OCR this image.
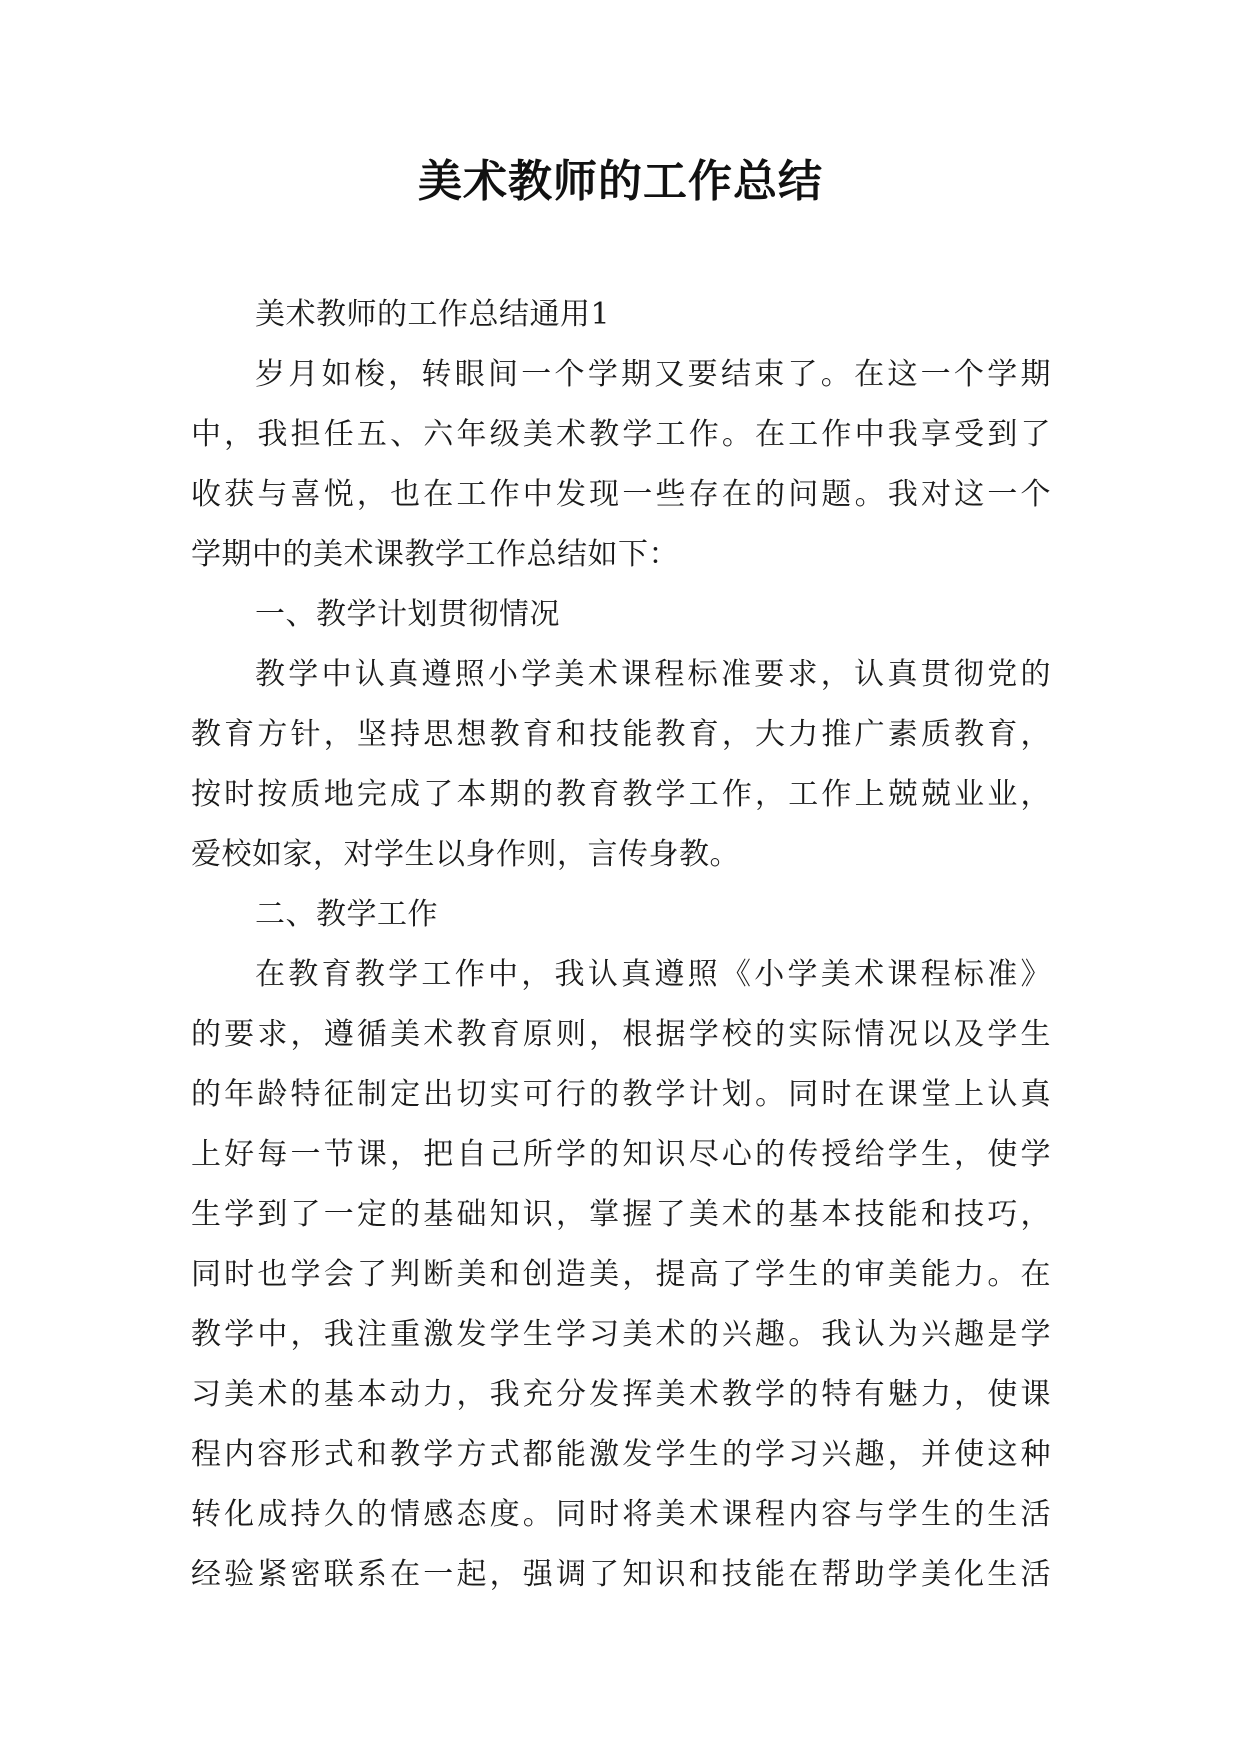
美术教师的工作总结
美术教师的工作总结通用1
岁月如梭，转眼间一个学期又要结束了。在这一个学期
中，我担任五、六年级美术教学工作。在工作中我享受到了
收获与喜悦，也在工作中发现一些存在的问题。我对这一个
学期中的美术课教学工作总结如下：
一、教学计划贯彻情况
教学中认真遵照小学美术课程标准要求，认真贯彻党的
教育方针，坚持思想教育和技能教育，大力推广素质教育，
按时按质地完成了本期的教育教学工作，工作上兢兢业业，
爱校如家，对学生以身作则，言传身教。
二、教学工作
在教育教学工作中，我认真遵照《小学美术课程标准》
的要求，遵循美术教育原则，根据学校的实际情况以及学生
的年龄特征制定出切实可行的教学计划。同时在课堂上认真
上好每一节课，把自己所学的知识尽心的传授给学生，使学
生学到了一定的基础知识，掌握了美术的基本技能和技巧，
同时也学会了判断美和创造美，提高了学生的审美能力。在
教学中，我注重激发学生学习美术的兴趣。我认为兴趣是学
习美术的基本动力，我充分发挥美术教学的特有魅力，使课
程内容形式和教学方式都能激发学生的学习兴趣，并使这种
转化成持久的情感态度。同时将美术课程内容与学生的生活
经验紧密联系在一起，强调了知识和技能在帮助学美化生活
